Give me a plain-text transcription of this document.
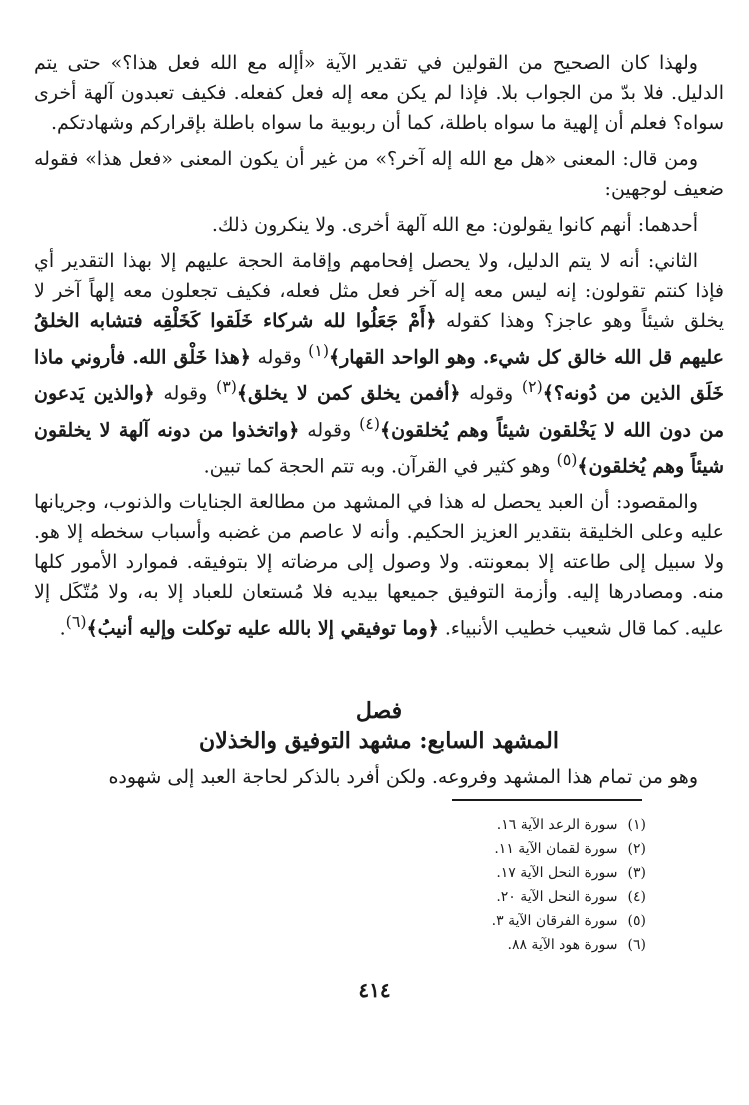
ولهذا كان الصحيح من القولين في تقدير الآية «أإله مع الله فعل هذا؟» حتى يتم الدليل. فلا بدّ من الجواب بلا. فإذا لم يكن معه إله فعل كفعله. فكيف تعبدون آلهة أخرى سواه؟ فعلم أن إلهية ما سواه باطلة، كما أن ربوبية ما سواه باطلة بإقراركم وشهادتكم.

ومن قال: المعنى «هل مع الله إله آخر؟» من غير أن يكون المعنى «فعل هذا» فقوله ضعيف لوجهين:

أحدهما: أنهم كانوا يقولون: مع الله آلهة أخرى. ولا ينكرون ذلك.

الثاني: أنه لا يتم الدليل، ولا يحصل إفحامهم وإقامة الحجة عليهم إلا بهذا التقدير أي فإذا كنتم تقولون: إنه ليس معه إله آخر فعل مثل فعله، فكيف تجعلون معه إلهاً آخر لا يخلق شيئاً وهو عاجز؟ وهذا كقوله ﴿أَمْ جَعَلُوا لله شركاء خَلَقوا كَخَلْقِه فتشابه الخلقُ عليهم قل الله خالق كل شيء. وهو الواحد القهار﴾$^{(١)}$ وقوله ﴿هذا خَلْق الله. فأروني ماذا خَلَق الذين من دُونه؟﴾$^{(٢)}$ وقوله ﴿أفمن يخلق كمن لا يخلق﴾$^{(٣)}$ وقوله ﴿والذين يَدعون من دون الله لا يَخْلقون شيئاً وهم يُخلقون﴾$^{(٤)}$ وقوله ﴿واتخذوا من دونه آلهة لا يخلقون شيئاً وهم يُخلقون﴾$^{(٥)}$ وهو كثير في القرآن. وبه تتم الحجة كما تبين.

والمقصود: أن العبد يحصل له هذا في المشهد من مطالعة الجنايات والذنوب، وجريانها عليه وعلى الخليقة بتقدير العزيز الحكيم. وأنه لا عاصم من غضبه وأسباب سخطه إلا هو. ولا سبيل إلى طاعته إلا بمعونته. ولا وصول إلى مرضاته إلا بتوفيقه. فموارد الأمور كلها منه. ومصادرها إليه. وأزمة التوفيق جميعها بيديه فلا مُستعان للعباد إلا به، ولا مُتّكَل إلا عليه. كما قال شعيب خطيب الأنبياء. ﴿وما توفيقي إلا بالله عليه توكلت وإليه أنيبُ﴾$^{(٦)}$.

فصل
المشهد السابع: مشهد التوفيق والخذلان
وهو من تمام هذا المشهد وفروعه. ولكن أفرد بالذكر لحاجة العبد إلى شهوده
(١)سورة الرعد الآية ١٦.
(٢)سورة لقمان الآية ١١.
(٣)سورة النحل الآية ١٧.
(٤)سورة النحل الآية ٢٠.
(٥)سورة الفرقان الآية ٣.
(٦)سورة هود الآية ٨٨.
٤١٤
